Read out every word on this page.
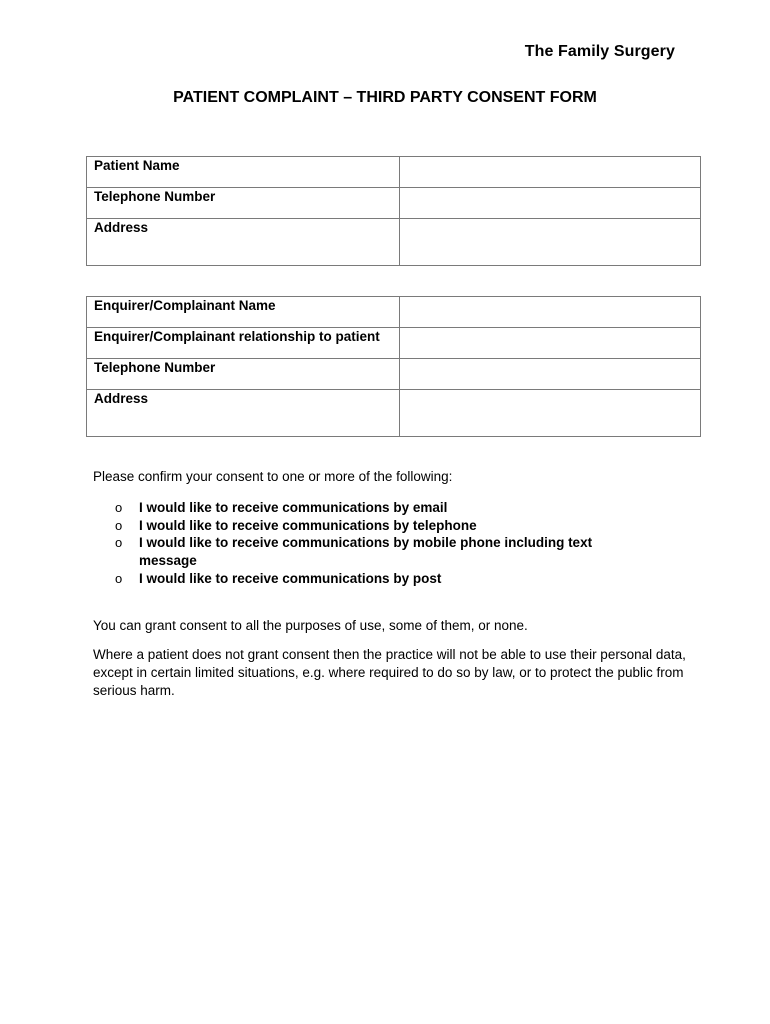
The Family Surgery
PATIENT COMPLAINT – THIRD PARTY CONSENT FORM
Patient Name	
Telephone Number	
Address	
Enquirer/Complainant Name	
Enquirer/Complainant relationship to patient	
Telephone Number	
Address	
Please confirm your consent to one or more of the following:
o I would like to receive communications by email
o I would like to receive communications by telephone
o I would like to receive communications by mobile phone including text message
o I would like to receive communications by post
You can grant consent to all the purposes of use, some of them, or none.
Where a patient does not grant consent then the practice will not be able to use their personal data, except in certain limited situations, e.g. where required to do so by law, or to protect the public from serious harm.
